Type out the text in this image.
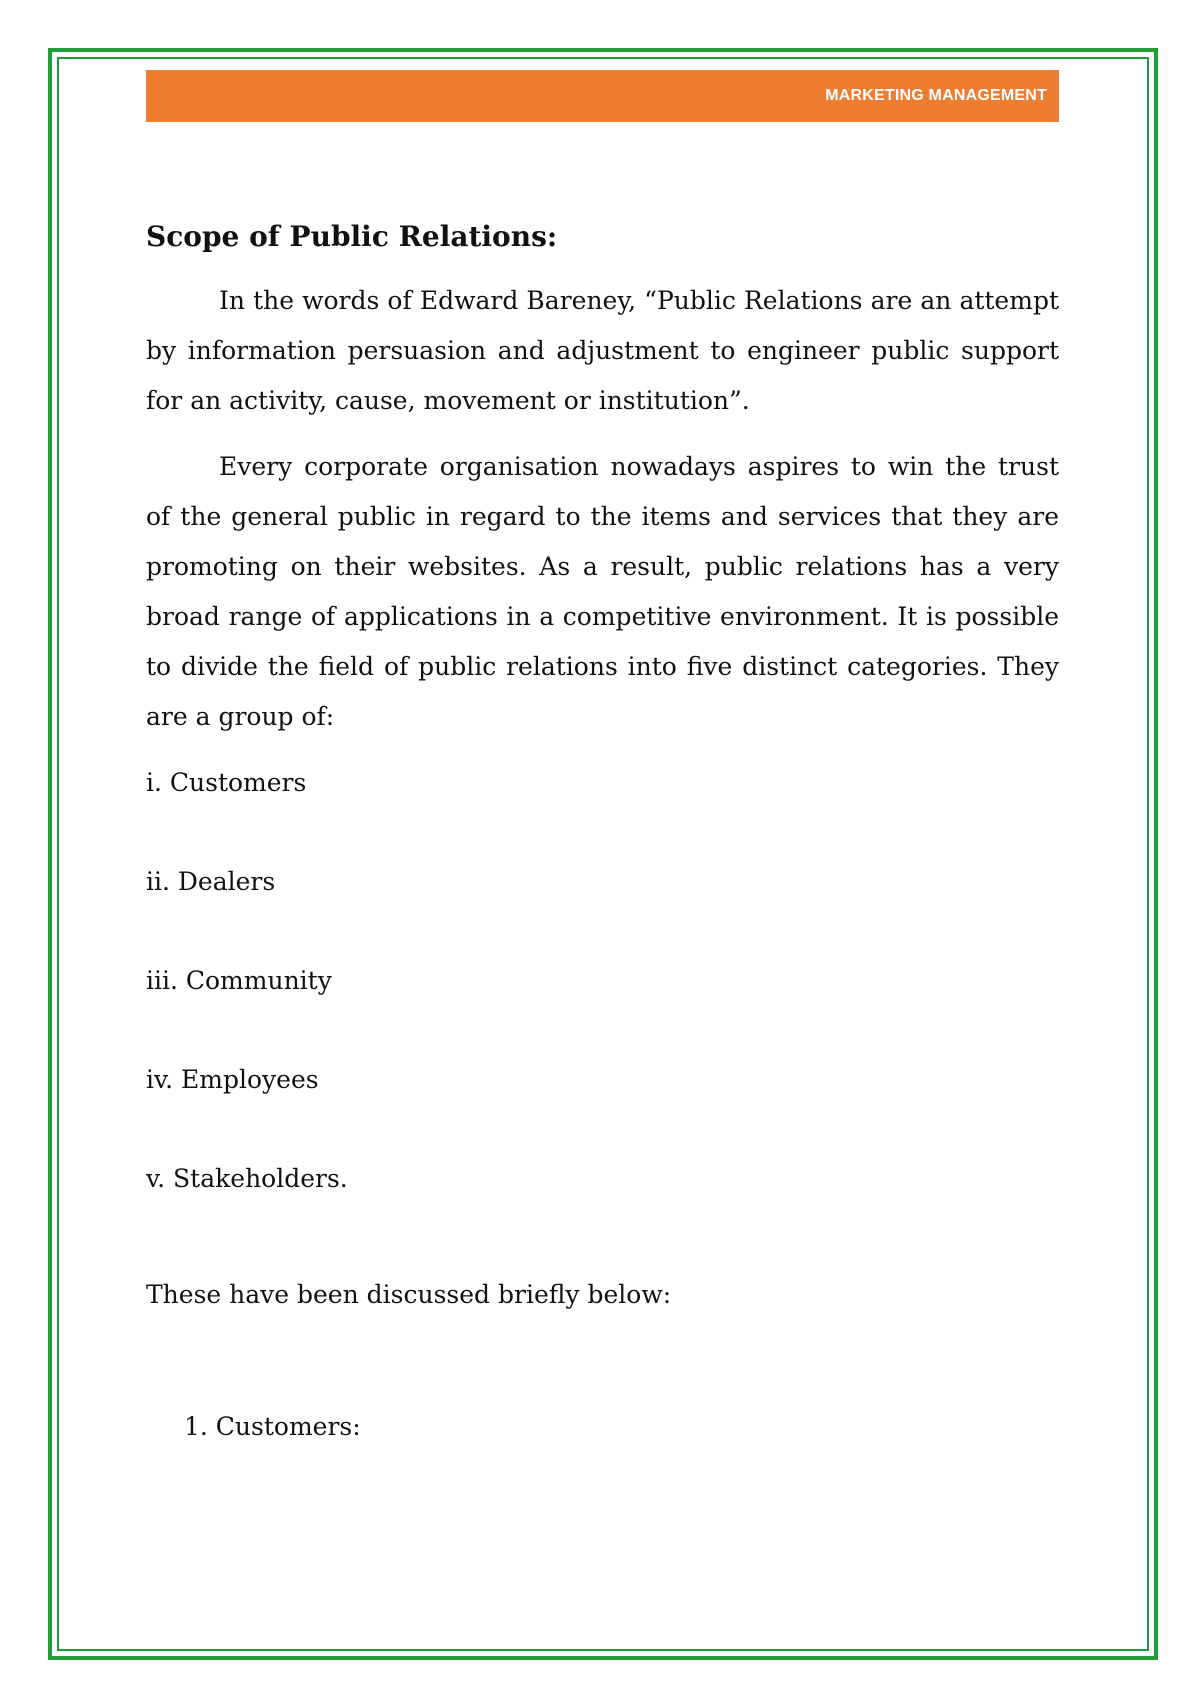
MARKETING MANAGEMENT
Scope of Public Relations:

In the words of Edward Bareney, “Public Relations are an attempt by information persuasion and adjustment to engineer public support for an activity, cause, movement or institution”.

Every corporate organisation nowadays aspires to win the trust of the general public in regard to the items and services that they are promoting on their websites. As a result, public relations has a very broad range of applications in a competitive environment. It is possible to divide the field of public relations into five distinct categories. They are a group of:

i. Customers
ii. Dealers
iii. Community
iv. Employees
v. Stakeholders.
These have been discussed briefly below:
1. Customers:
